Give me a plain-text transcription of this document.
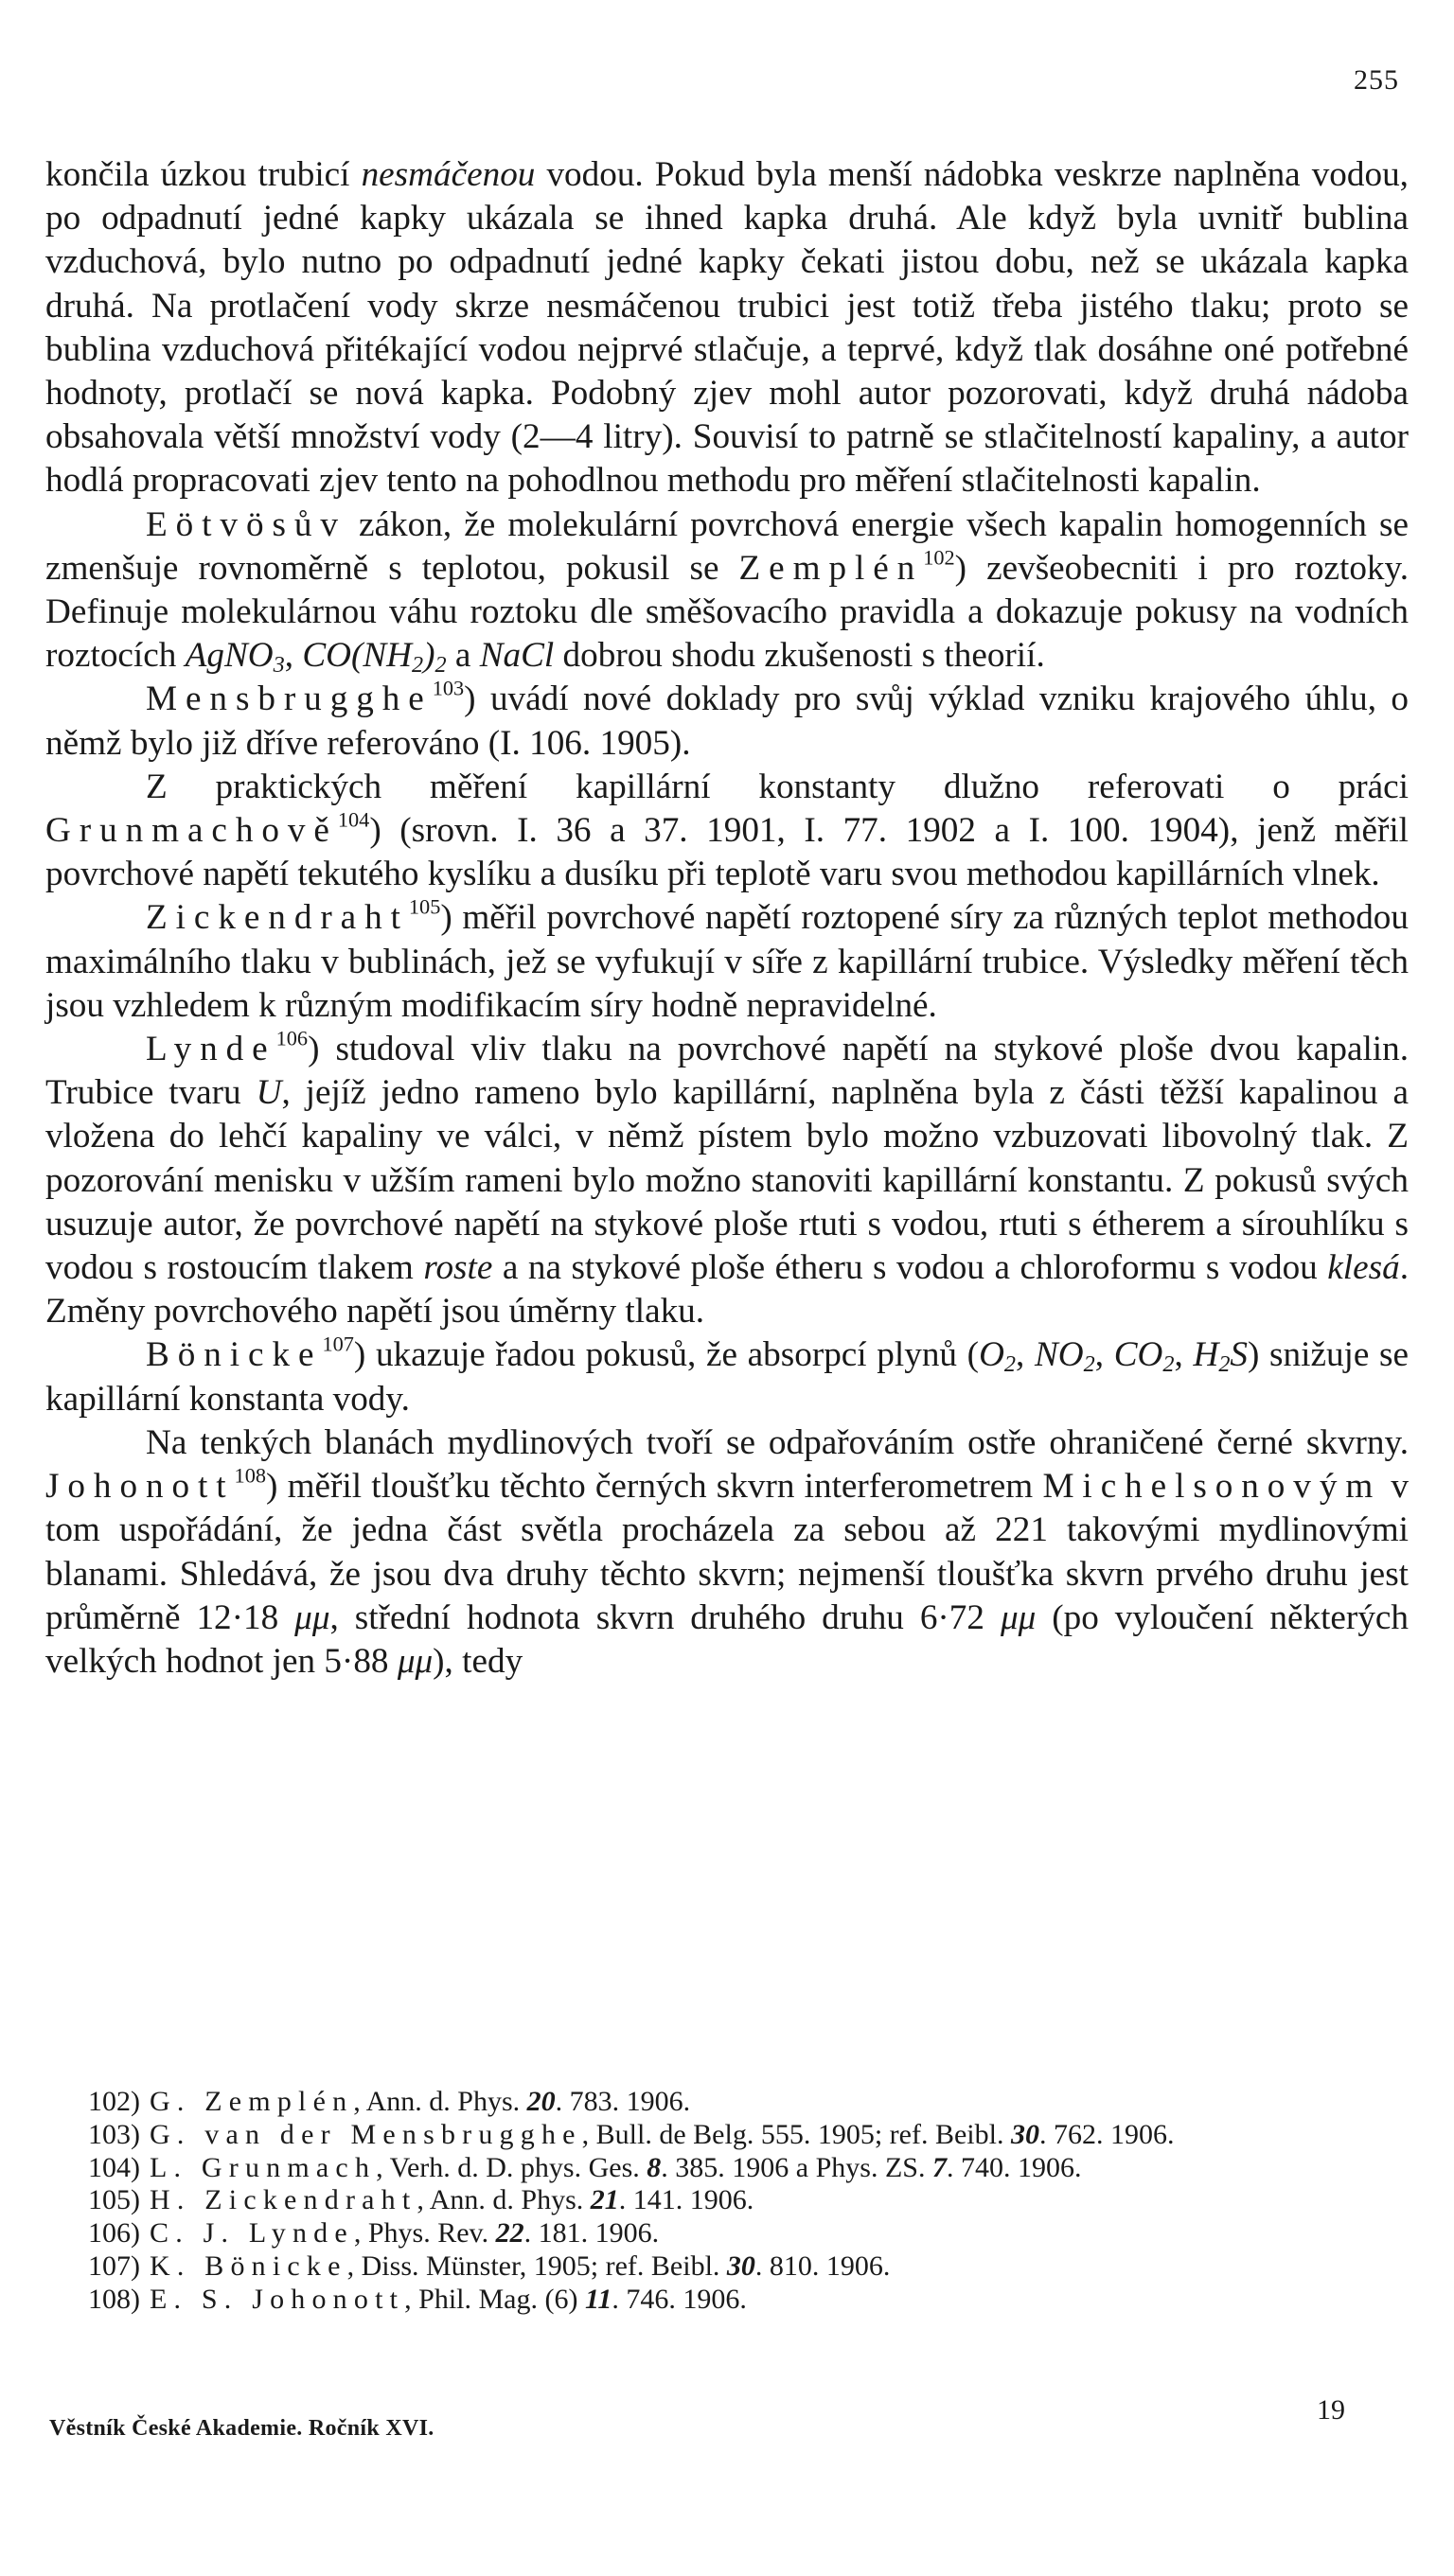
255

končila úzkou trubicí nesmáčenou vodou. Pokud byla menší nádobka veskrze naplněna vodou, po odpadnutí jedné kapky ukázala se ihned kapka druhá. Ale když byla uvnitř bublina vzduchová, bylo nutno po odpadnutí jedné kapky čekati jistou dobu, než se ukázala kapka druhá. Na protlačení vody skrze nesmáčenou trubici jest totiž třeba jistého tlaku; proto se bublina vzduchová přitékající vodou nejprvé stlačuje, a teprvé, když tlak dosáhne oné potřebné hodnoty, protlačí se nová kapka. Podobný zjev mohl autor pozorovati, když druhá nádoba obsahovala větší množství vody (2—4 litry). Souvisí to patrně se stlačitelností kapaliny, a autor hodlá propracovati zjev tento na pohodlnou methodu pro měření stlačitelnosti kapalin.

Eötvösův zákon, že molekulární povrchová energie všech kapalin homogenních se zmenšuje rovnoměrně s teplotou, pokusil se Zemplén$^{102}$) zevšeobecniti i pro roztoky. Definuje molekulárnou váhu roztoku dle směšovacího pravidla a dokazuje pokusy na vodních roztocích AgNO$_3$, $CO(NH_2)_2$ a NaCl dobrou shodu zkušenosti s theorií.

Mensbrugghe$^{103}$) uvádí nové doklady pro svůj výklad vzniku krajového úhlu, o němž bylo již dříve referováno (I. 106. 1905).

Z praktických měření kapillární konstanty dlužno referovati o práci Grunmachově$^{104}$) (srovn. I. 36 a 37. 1901, I. 77. 1902 a I. 100. 1904), jenž měřil povrchové napětí tekutého kyslíku a dusíku při teplotě varu svou methodou kapillárních vlnek.

Zickendraht$^{105}$) měřil povrchové napětí roztopené síry za různých teplot methodou maximálního tlaku v bublinách, jež se vyfukují v síře z kapillární trubice. Výsledky měření těch jsou vzhledem k různým modifikacím síry hodně nepravidelné.

Lynde$^{106}$) studoval vliv tlaku na povrchové napětí na stykové ploše dvou kapalin. Trubice tvaru U, jejíž jedno rameno bylo kapillární, naplněna byla z části těžší kapalinou a vložena do lehčí kapaliny ve válci, v němž pístem bylo možno vzbuzovati libovolný tlak. Z pozorování menisku v užším rameni bylo možno stanoviti kapillární konstantu. Z pokusů svých usuzuje autor, že povrchové napětí na stykové ploše rtuti s vodou, rtuti s étherem a sírouhlíku s vodou s rostoucím tlakem roste a na stykové ploše étheru s vodou a chloroformu s vodou klesá. Změny povrchového napětí jsou úměrny tlaku.

Bönicke$^{107}$) ukazuje řadou pokusů, že absorpcí plynů ($O_2$, $NO_2$, $CO_2$, $H_2S$) snižuje se kapillární konstanta vody.

Na tenkých blanách mydlinových tvoří se odpařováním ostře ohraničené černé skvrny. Johonott$^{108}$) měřil tloušťku těchto černých skvrn interferometrem Michelsonovým v tom uspořádání, že jedna část světla procházela za sebou až 221 takovými mydlinovými blanami. Shledává, že jsou dva druhy těchto skvrn; nejmenší tloušťka skvrn prvého druhu jest průměrně 12·18 μμ, střední hodnota skvrn druhého druhu 6·72 μμ (po vyloučení některých velkých hodnot jen 5·88 μμ), tedy

102) G. Zemplén, Ann. d. Phys. 20. 783. 1906.

103) G. van der Mensbrugghe, Bull. de Belg. 555. 1905; ref. Beibl. 30. 762. 1906.

104) L. Grunmach, Verh. d. D. phys. Ges. 8. 385. 1906 a Phys. ZS. 7. 740. 1906.

105) H. Zickendraht, Ann. d. Phys. 21. 141. 1906.

106) C. J. Lynde, Phys. Rev. 22. 181. 1906.

107) K. Bönicke, Diss. Münster, 1905; ref. Beibl. 30. 810. 1906.

108) E. S. Johonott, Phil. Mag. (6) 11. 746. 1906.

Věstník České Akademie. Ročník XVI.
19
